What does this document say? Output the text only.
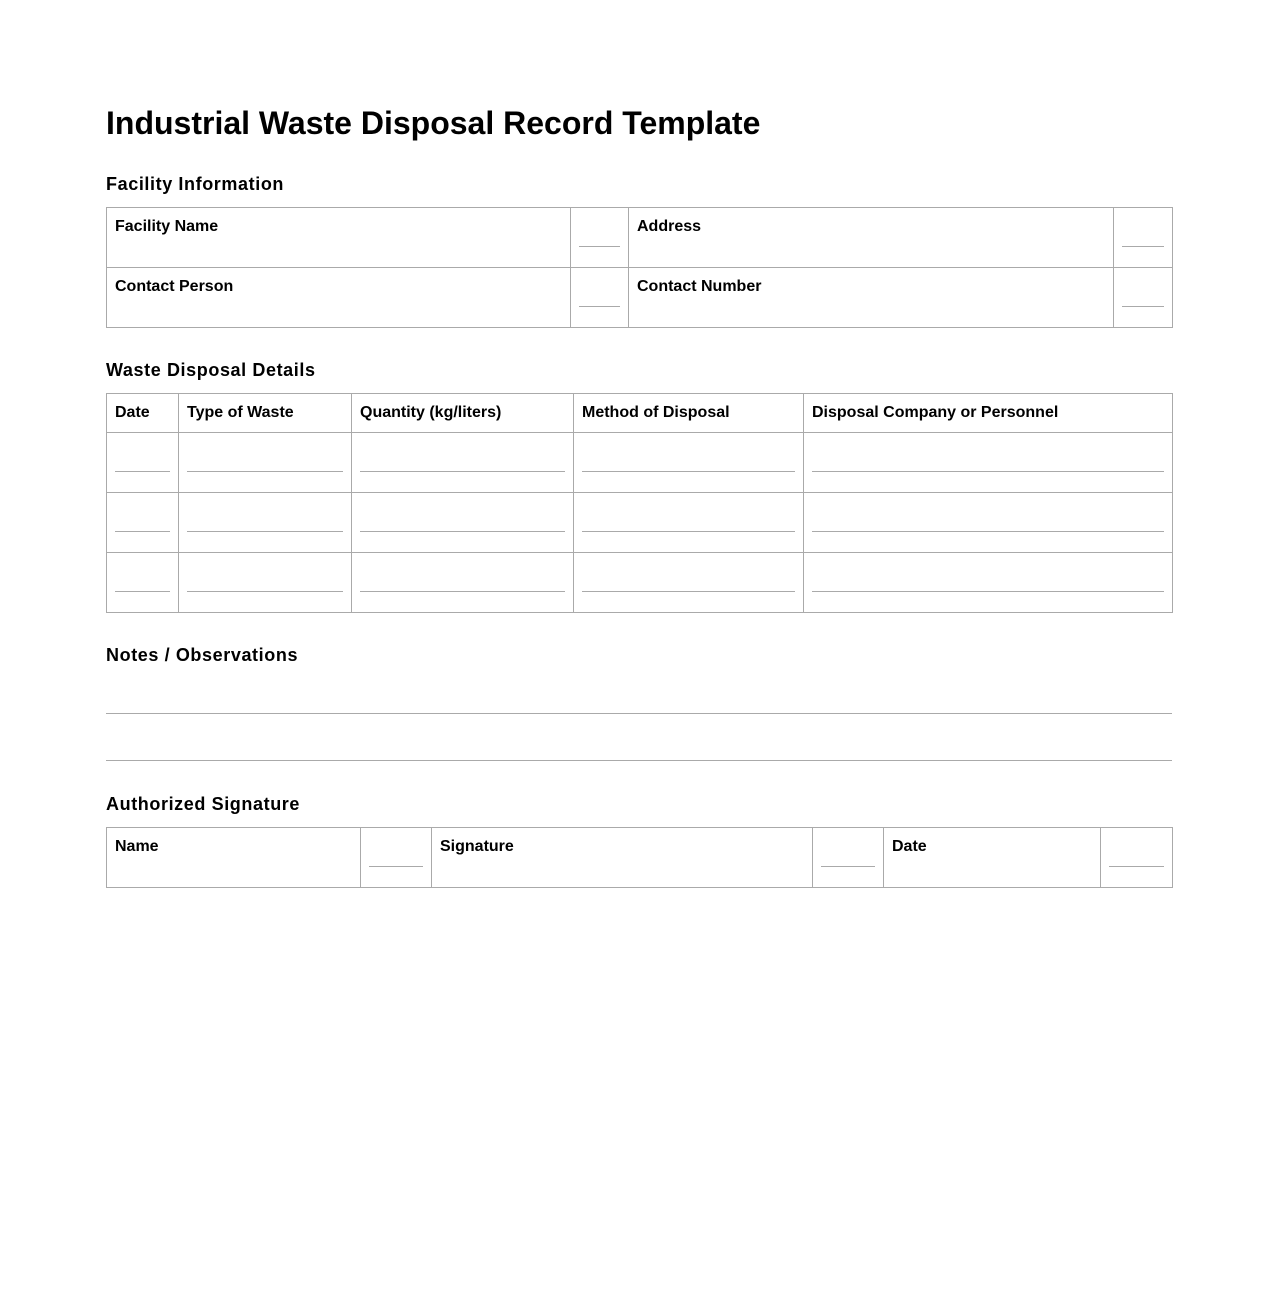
Industrial Waste Disposal Record Template
Facility Information
Facility Name		Address	

Contact Person		Contact Number	

Waste Disposal Details
Date	Type of Waste	Quantity (kg/liters)	Method of Disposal	Disposal Company or Personnel

Notes / Observations
Authorized Signature
Name		Signature		Date
